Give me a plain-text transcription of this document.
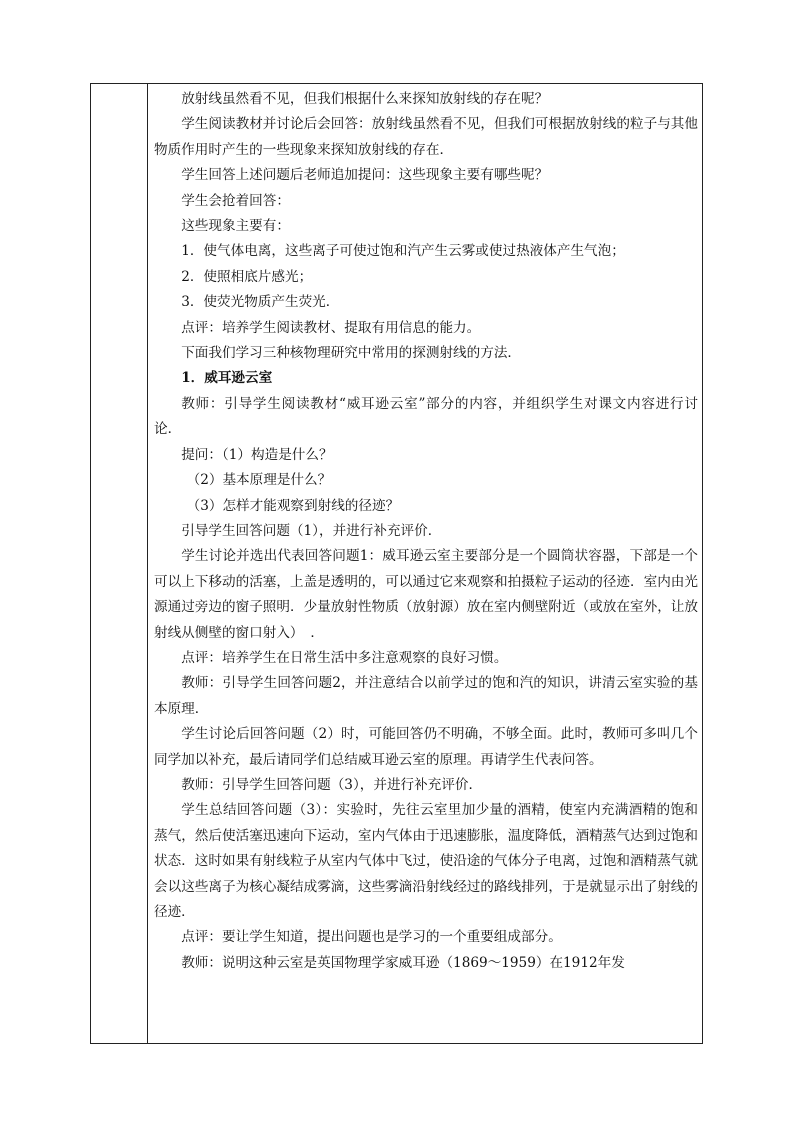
放射线虽然看不见，但我们根据什么来探知放射线的存在呢？

学生阅读教材并讨论后会回答：放射线虽然看不见，但我们可根据放射线的粒子与其他物质作用时产生的一些现象来探知放射线的存在．

学生回答上述问题后老师追加提问：这些现象主要有哪些呢？

学生会抢着回答：

这些现象主要有：

1．使气体电离，这些离子可使过饱和汽产生云雾或使过热液体产生气泡；

2．使照相底片感光；

3．使荧光物质产生荧光．

点评：培养学生阅读教材、提取有用信息的能力。

下面我们学习三种核物理研究中常用的探测射线的方法．

1．威耳逊云室

教师：引导学生阅读教材“威耳逊云室”部分的内容，并组织学生对课文内容进行讨论．

提问：（1）构造是什么？

（2）基本原理是什么？

（3）怎样才能观察到射线的径迹？

引导学生回答问题（1），并进行补充评价．

学生讨论并选出代表回答问题1：威耳逊云室主要部分是一个圆筒状容器，下部是一个可以上下移动的活塞，上盖是透明的，可以通过它来观察和拍摄粒子运动的径迹．室内由光源通过旁边的窗子照明．少量放射性物质（放射源）放在室内侧壁附近（或放在室外，让放射线从侧壁的窗口射入）　．

点评：培养学生在日常生活中多注意观察的良好习惯。

教师：引导学生回答问题2，并注意结合以前学过的饱和汽的知识，讲清云室实验的基本原理．

学生讨论后回答问题（2）时，可能回答仍不明确，不够全面。此时，教师可多叫几个同学加以补充，最后请同学们总结威耳逊云室的原理。再请学生代表问答。

教师：引导学生回答问题（3），并进行补充评价．

学生总结回答问题（3）：实验时，先往云室里加少量的酒精，使室内充满酒精的饱和蒸气，然后使活塞迅速向下运动，室内气体由于迅速膨胀，温度降低，酒精蒸气达到过饱和状态．这时如果有射线粒子从室内气体中飞过，使沿途的气体分子电离，过饱和酒精蒸气就会以这些离子为核心凝结成雾滴，这些雾滴沿射线经过的路线排列，于是就显示出了射线的径迹．

点评：要让学生知道，提出问题也是学习的一个重要组成部分。

教师：说明这种云室是英国物理学家威耳逊（1869～1959）在1912年发
